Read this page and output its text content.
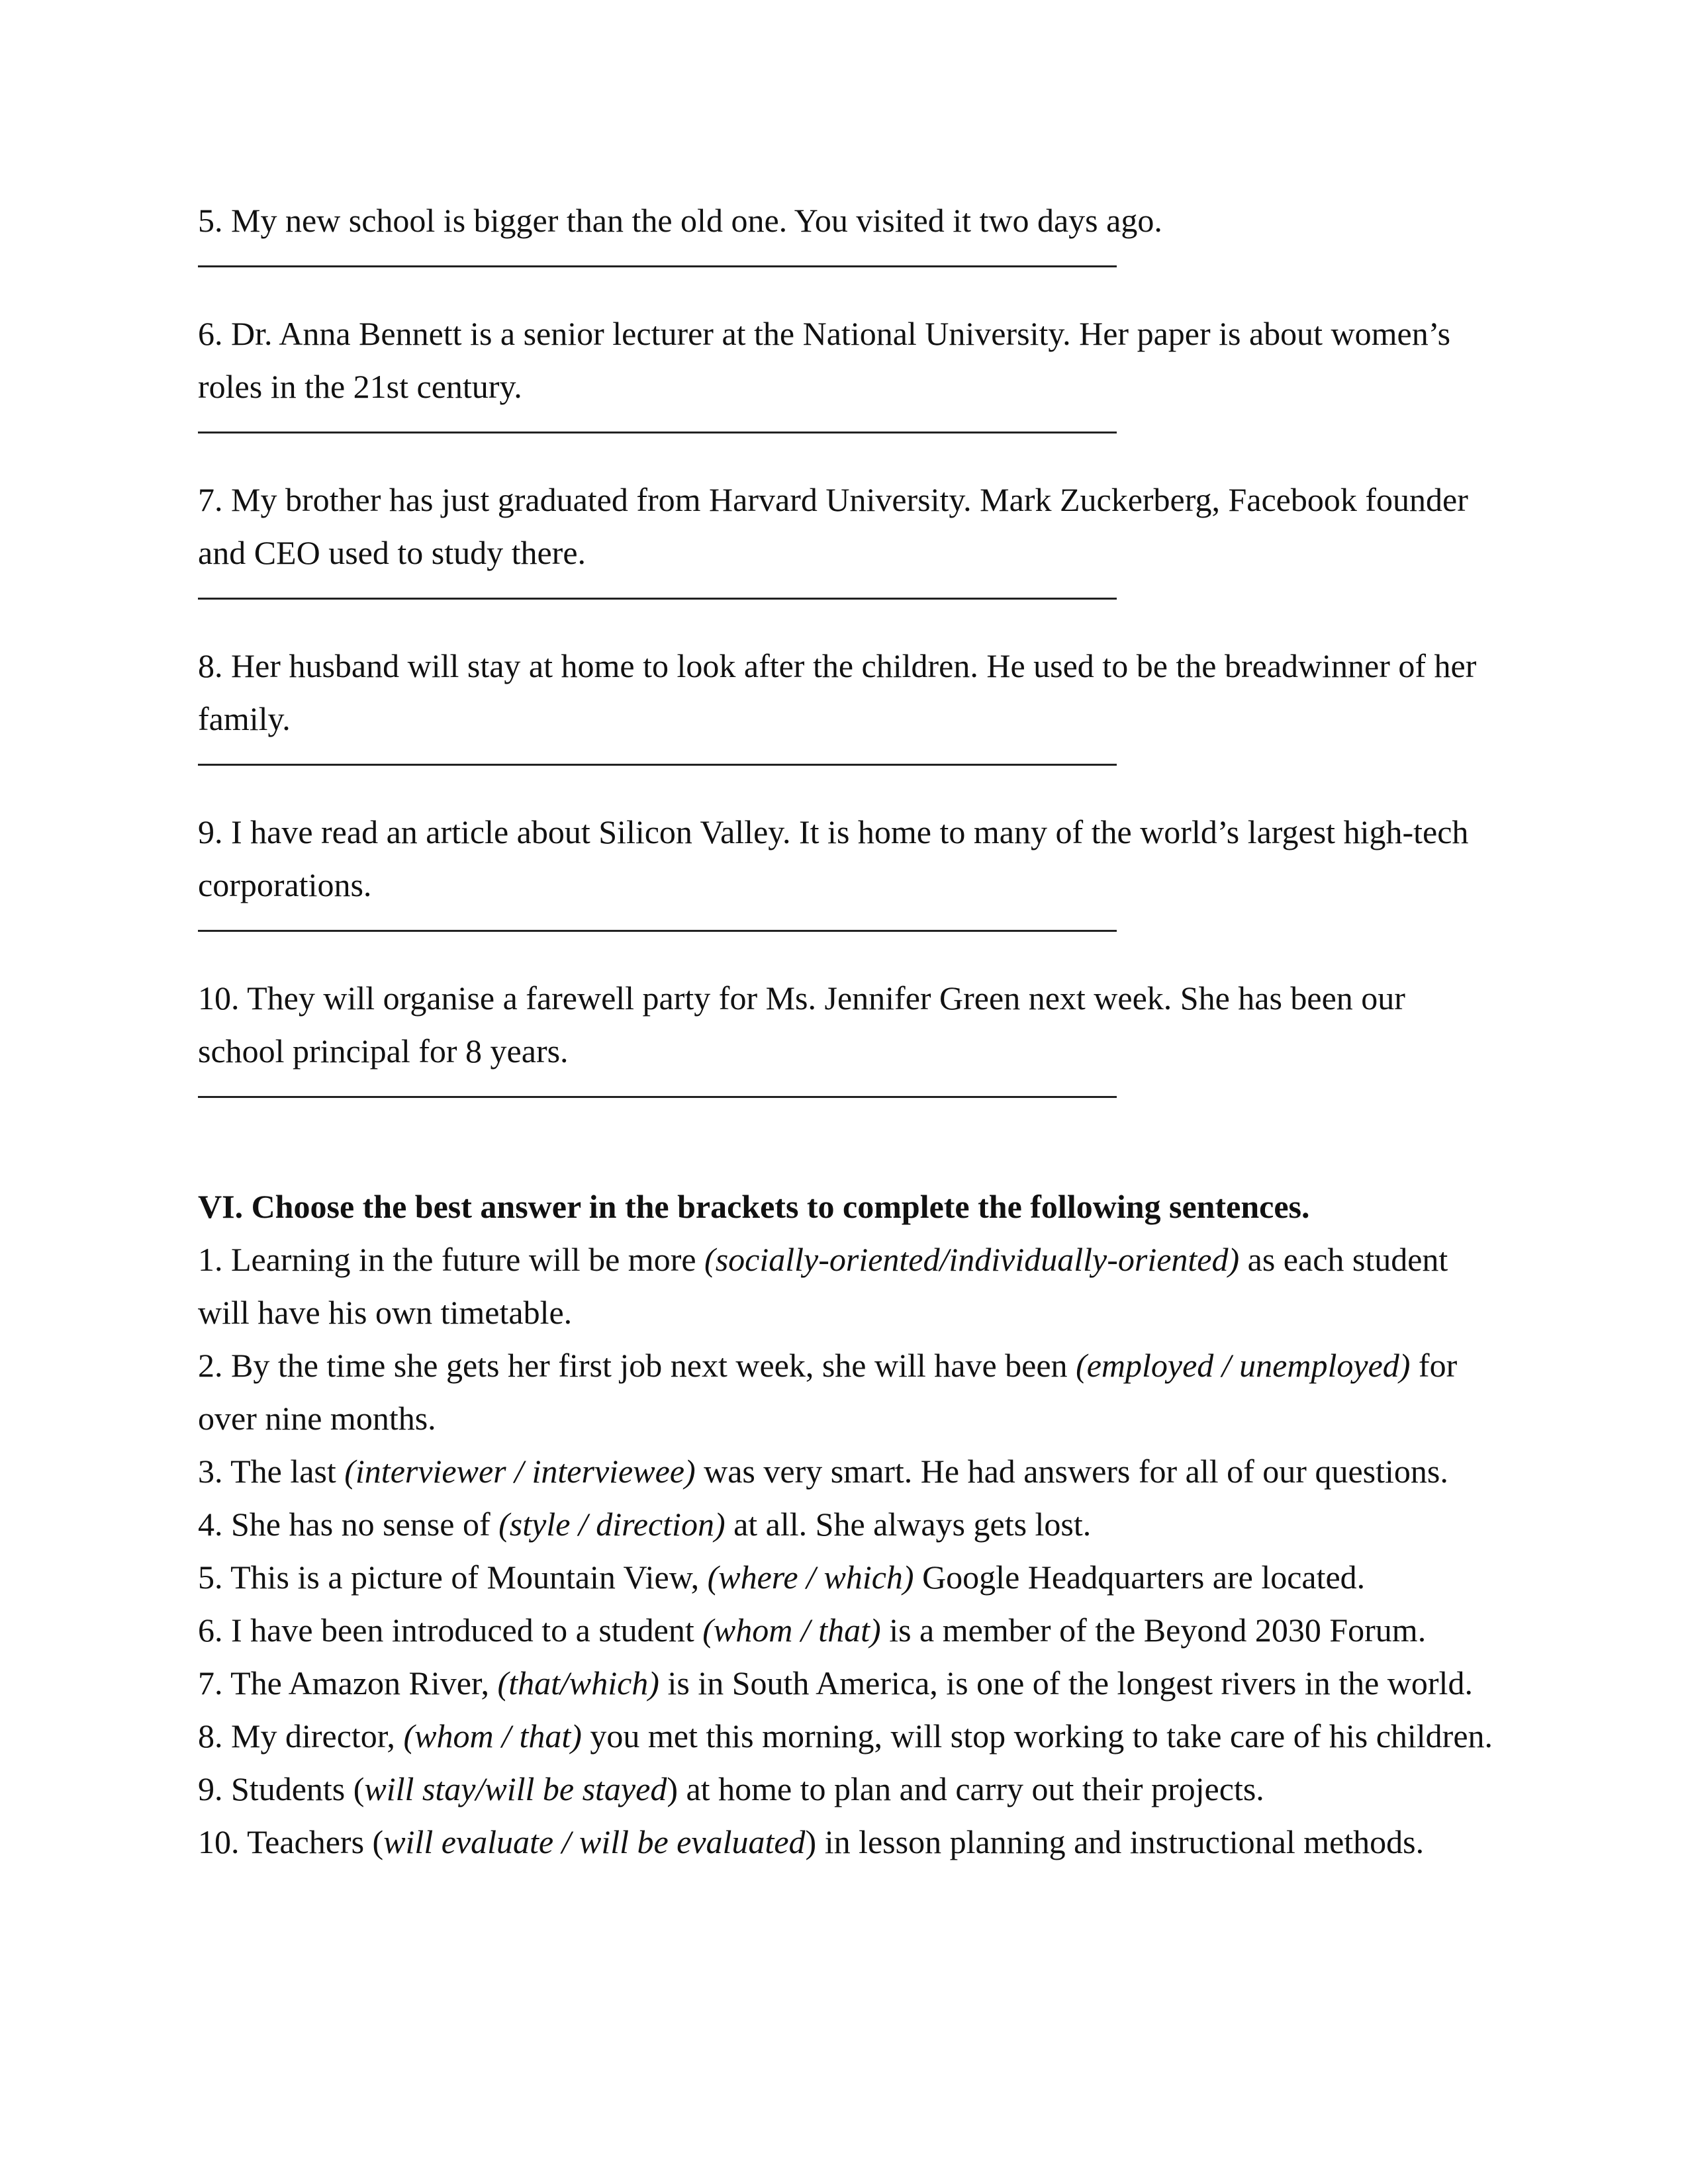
5. My new school is bigger than the old one. You visited it two days ago.

6. Dr. Anna Bennett is a senior lecturer at the National University. Her paper is about women’s roles in the 21st century.

7. My brother has just graduated from Harvard University. Mark Zuckerberg, Facebook founder and CEO used to study there.

8. Her husband will stay at home to look after the children. He used to be the breadwinner of her family.

9. I have read an article about Silicon Valley. It is home to many of the world’s largest high-tech corporations.

10. They will organise a farewell party for Ms. Jennifer Green next week. She has been our school principal for 8 years.

VI. Choose the best answer in the brackets to complete the following sentences.

1. Learning in the future will be more (socially-oriented/individually-oriented) as each student will have his own timetable.

2. By the time she gets her first job next week, she will have been (employed / unemployed) for over nine months.

3. The last (interviewer / interviewee) was very smart. He had answers for all of our questions.

4. She has no sense of (style / direction) at all. She always gets lost.

5. This is a picture of Mountain View, (where / which) Google Headquarters are located.

6. I have been introduced to a student (whom / that) is a member of the Beyond 2030 Forum.

7. The Amazon River, (that/which) is in South America, is one of the longest rivers in the world.

8. My director, (whom / that) you met this morning, will stop working to take care of his children.

9. Students (will stay/will be stayed) at home to plan and carry out their projects.

10. Teachers (will evaluate / will be evaluated) in lesson planning and instructional methods.
